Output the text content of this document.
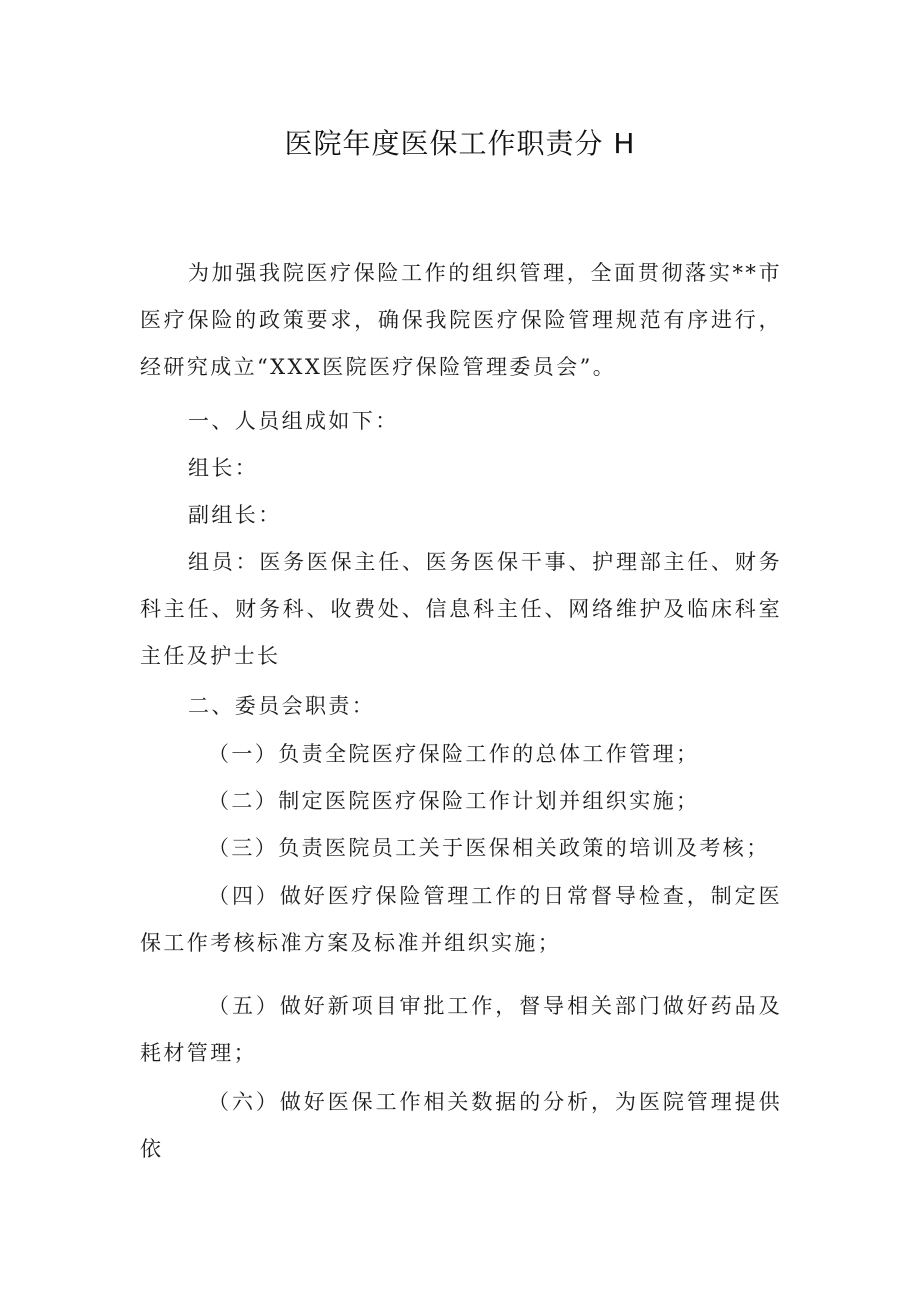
医院年度医保工作职责分 H

为加强我院医疗保险工作的组织管理，全面贯彻落实**市医疗保险的政策要求，确保我院医疗保险管理规范有序进行，经研究成立“XXX医院医疗保险管理委员会”。

一、人员组成如下：

组长：

副组长：

组员：医务医保主任、医务医保干事、护理部主任、财务科主任、财务科、收费处、信息科主任、网络维护及临床科室主任及护士长

二、委员会职责：

（一）负责全院医疗保险工作的总体工作管理；

（二）制定医院医疗保险工作计划并组织实施；

（三）负责医院员工关于医保相关政策的培训及考核；

（四）做好医疗保险管理工作的日常督导检查，制定医保工作考核标准方案及标准并组织实施；

（五）做好新项目审批工作，督导相关部门做好药品及耗材管理；

（六）做好医保工作相关数据的分析，为医院管理提供依
